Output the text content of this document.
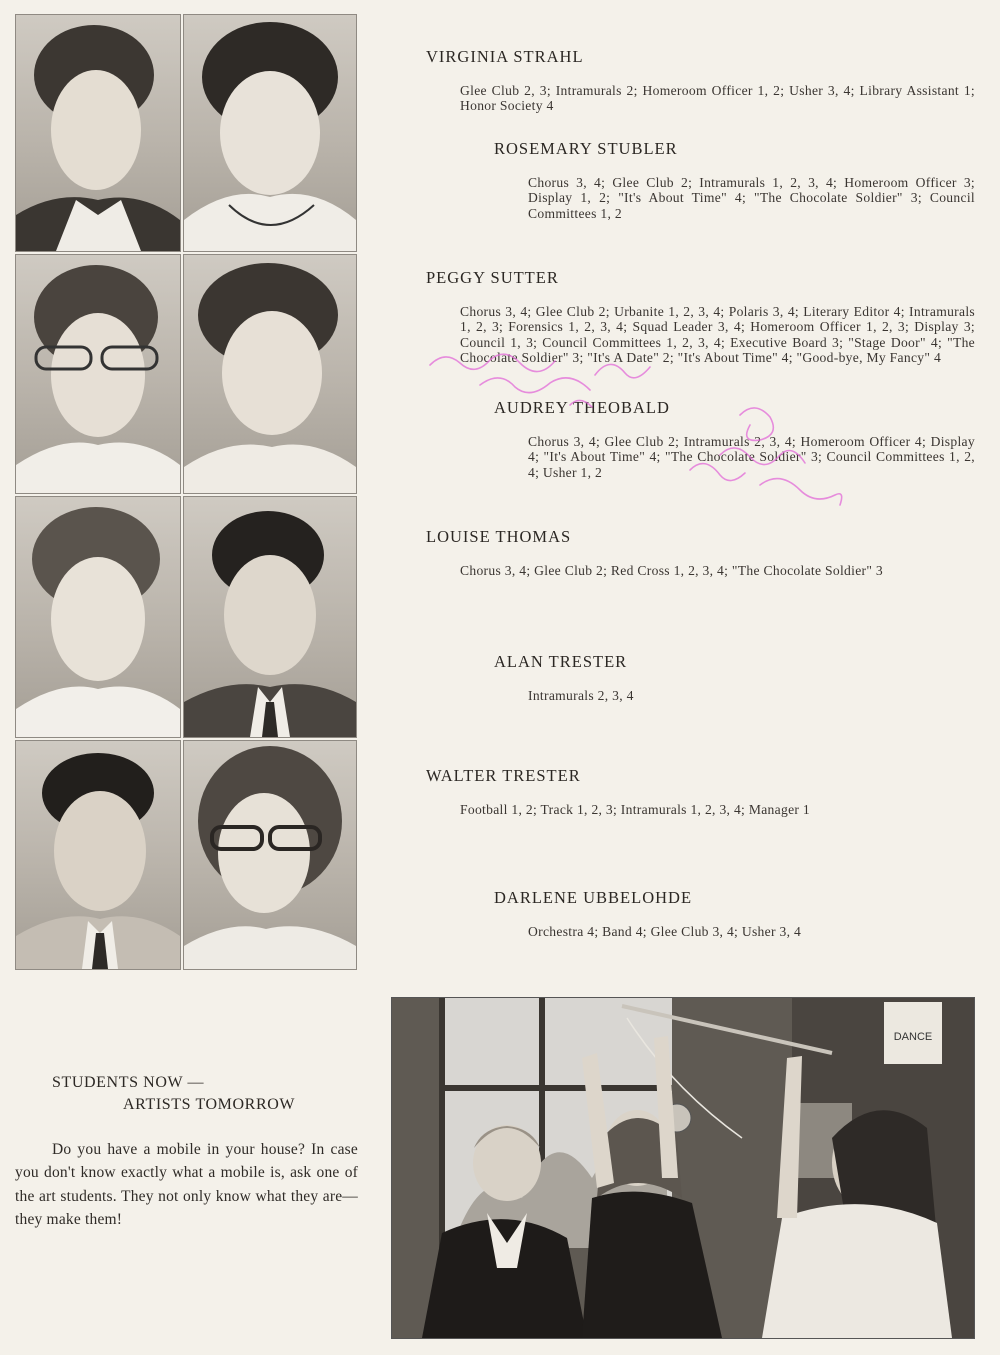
VIRGINIA STRAHL
Glee Club 2, 3; Intramurals 2; Homeroom Officer 1, 2; Usher 3, 4; Library Assistant 1; Honor Society 4
ROSEMARY STUBLER
Chorus 3, 4; Glee Club 2; Intramurals 1, 2, 3, 4; Homeroom Officer 3; Display 1, 2; "It's About Time" 4; "The Chocolate Soldier" 3; Council Committees 1, 2
PEGGY SUTTER
Chorus 3, 4; Glee Club 2; Urbanite 1, 2, 3, 4; Polaris 3, 4; Literary Editor 4; Intramurals 1, 2, 3; Forensics 1, 2, 3, 4; Squad Leader 3, 4; Homeroom Officer 1, 2, 3; Display 3; Council 1, 3; Council Committees 1, 2, 3, 4; Executive Board 3; "Stage Door" 4; "The Chocolate Soldier" 3; "It's A Date" 2; "It's About Time" 4; "Good-bye, My Fancy" 4
AUDREY THEOBALD
Chorus 3, 4; Glee Club 2; Intramurals 2, 3, 4; Homeroom Officer 4; Display 4; "It's About Time" 4; "The Chocolate Soldier" 3; Council Committees 1, 2, 4; Usher 1, 2
LOUISE THOMAS
Chorus 3, 4; Glee Club 2; Red Cross 1, 2, 3, 4; "The Chocolate Soldier" 3
ALAN TRESTER
Intramurals 2, 3, 4
WALTER TRESTER
Football 1, 2; Track 1, 2, 3; Intramurals 1, 2, 3, 4; Manager 1
DARLENE UBBELOHDE
Orchestra 4; Band 4; Glee Club 3, 4; Usher 3, 4
STUDENTS NOW —
ARTISTS TOMORROW
Do you have a mobile in your house? In case you don't know exactly what a mobile is, ask one of the art students. They not only know what they are—they make them!
DANCE
